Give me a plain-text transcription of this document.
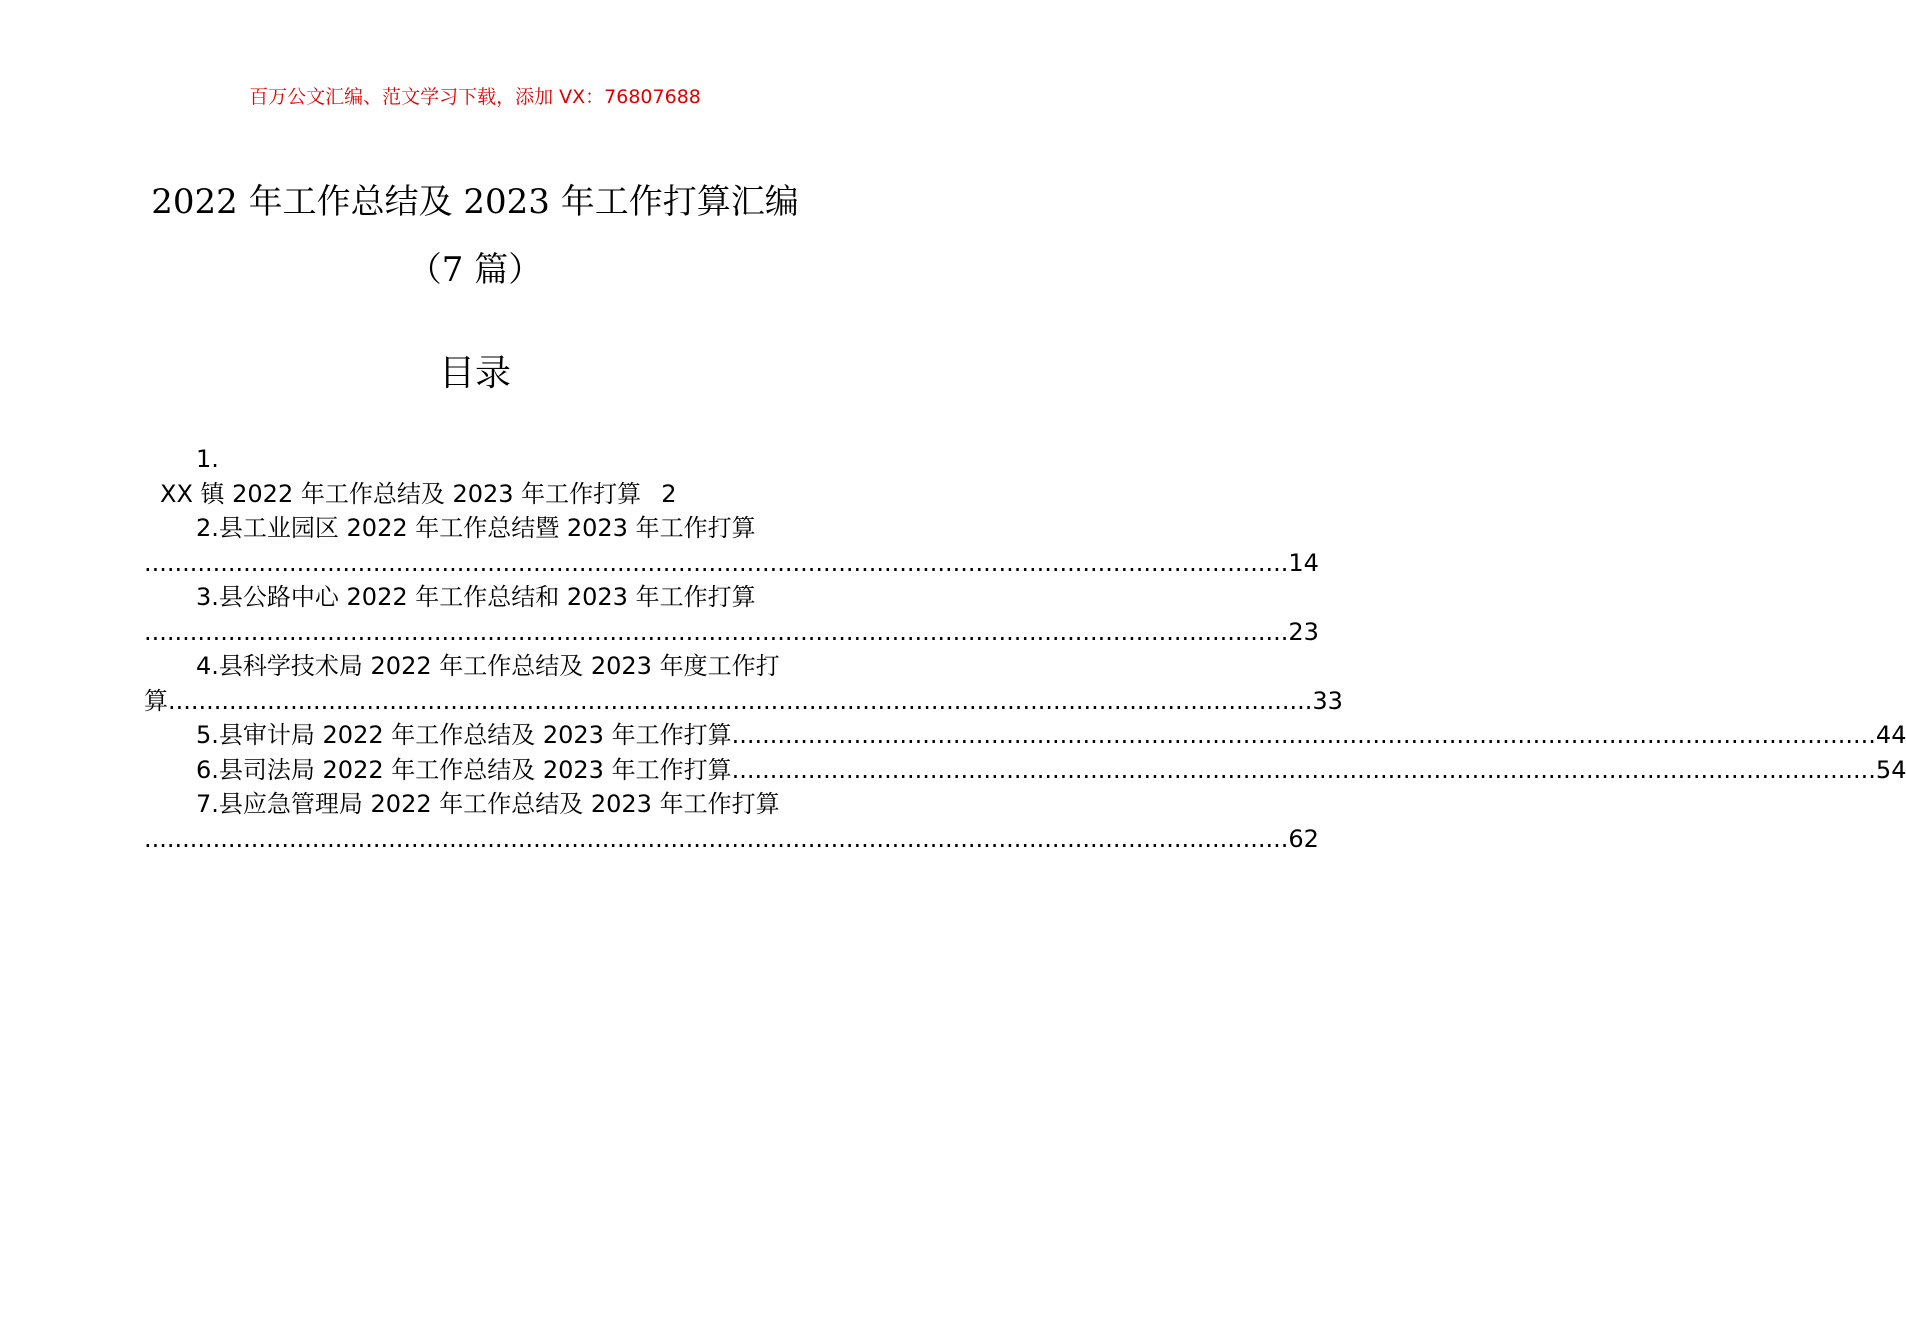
百万公文汇编、范文学习下载，添加 VX：76807688
2022 年工作总结及 2023 年工作打算汇编
（7 篇）
目录
1.
XX 镇 2022 年工作总结及 2023 年工作打算 2
2.县工业园区 2022 年工作总结暨 2023 年工作打算
...................................................................................................................................................... 14
3.县公路中心 2022 年工作总结和 2023 年工作打算
...................................................................................................................................................... 23
4.县科学技术局 2022 年工作总结及 2023 年度工作打
算 ...................................................................................................................................................... 33
5.县审计局 2022 年工作总结及 2023 年工作打算 ...................................................................................................................................................... 44
6.县司法局 2022 年工作总结及 2023 年工作打算 ...................................................................................................................................................... 54
7.县应急管理局 2022 年工作总结及 2023 年工作打算
...................................................................................................................................................... 62
